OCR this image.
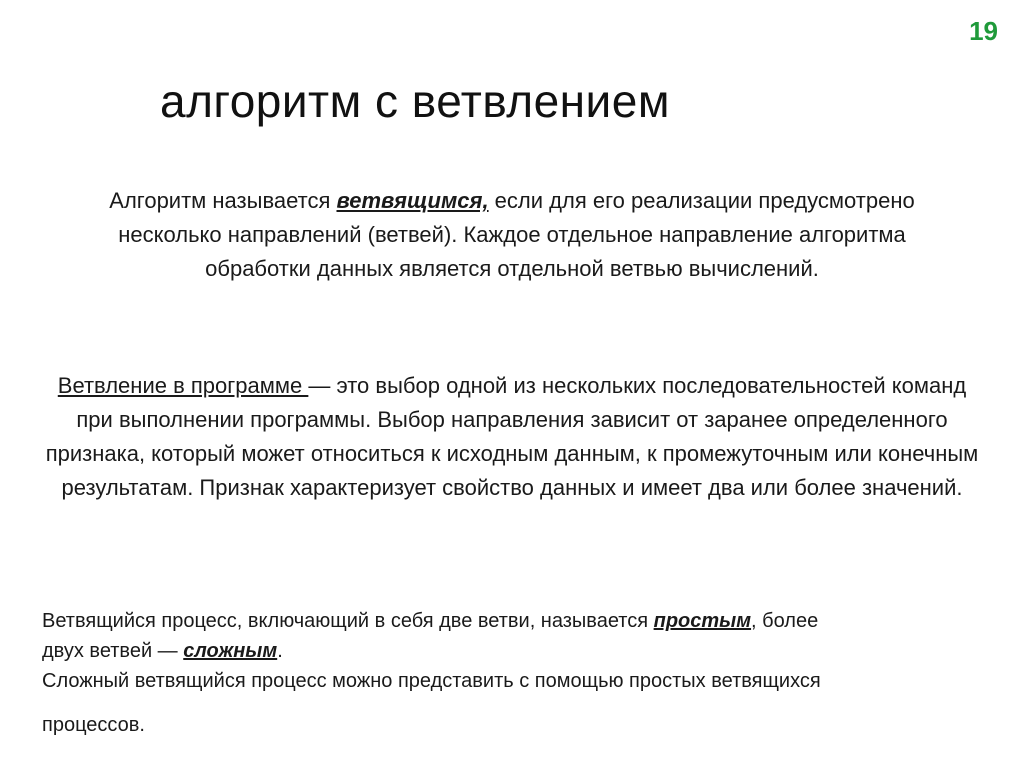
19
алгоритм с ветвлением
Алгоритм называется ветвящимся, если для его реализации предусмотрено несколько направлений (ветвей). Каждое отдельное направление алгоритма обработки данных является отдельной ветвью вычислений.
Ветвление в программе — это выбор одной из нескольких последовательностей команд при выполнении программы. Выбор направления зависит от заранее определенного признака, который может относиться к исходным данным, к промежуточным или конечным результатам. Признак характеризует свойство данных и имеет два или более значений.
Ветвящийся процесс, включающий в себя две ветви, называется простым, более
двух ветвей — сложным.
Сложный ветвящийся процесс можно представить с помощью простых ветвящихся
процессов.
